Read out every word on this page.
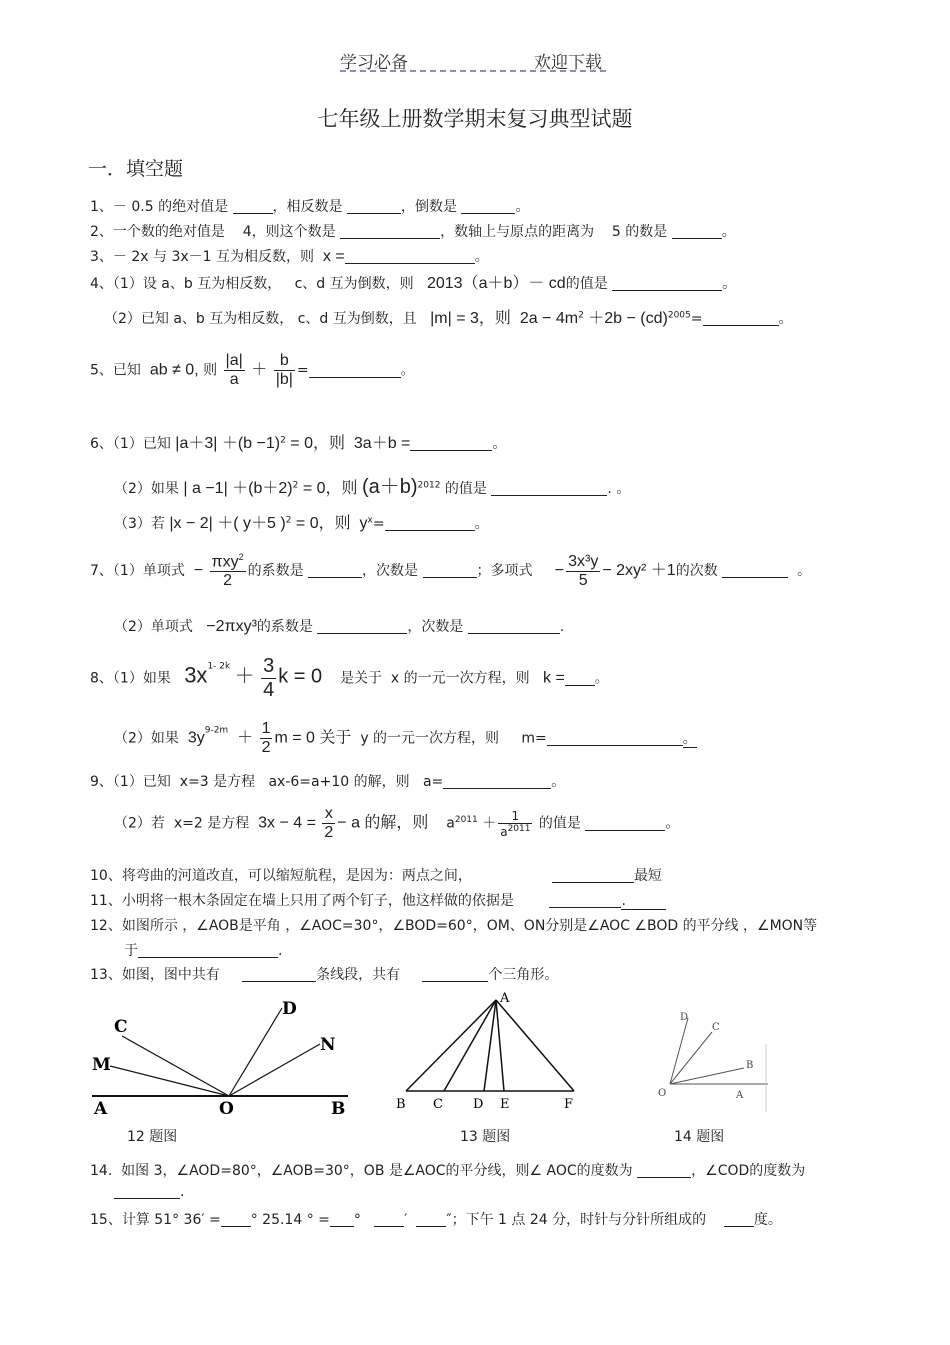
学习必备	欢迎下载
七年级上册数学期末复习典型试题
一．填空题
1、－ 0.5 的绝对值是	，相反数是	，倒数是	。
2、一个数的绝对值是 4，则这个数是	，数轴上与原点的距离为 5 的数是	。
3、－ 2x 与 3x－1 互为相反数，则 x =	。
4、（1）设 a、b 互为相反数， c、d 互为倒数，则 2013（a＋b）－ cd的值是	。
（2）已知 a、b 互为相反数， c、d 互为倒数，且 |m| = 3，则 $2a - 4m^2 +2b - (cd)^{2005}=$	。
5、已知 ab ≠ 0, 则 $\frac{|a|}{a} + \frac{b}{|b|}$ =	。
6、（1）已知 $|a+3| +(b -1)^2 = 0$，则 3a＋b =	。
（2）如果 | $a -1| +(b+2)^2 = 0$，则 $(a+b)^{2012}$ 的值是	. 。
（3）若 |x − 2| ＋( y＋5 )$^2$ = 0，则 $y^x=$	。
7、（1）单项式 − $\frac{\pi xy^2}{2}$ 的系数是	，次数是	；多项式 − $\frac{\text{3x³y}}{5} - 2xy^2 +1$的次数	。
（2）单项式 −2πxy³的系数是	，次数是	.
8、（1）如果 $3x^{1- 2k} + \frac{3}{4}$ k = 0 是关于 x 的一元一次方程，则 k = 。
（2）如果 $3y^{9-2m} + \frac{1}{2}$ m = 0 关于 y 的一元一次方程，则 m=	。
9、（1）已知 x=3 是方程 ax-6=a+10 的解，则 a=	。
（2）若 x=2 是方程 $3x - 4 = \frac{x}{2} - a$ 的解，则 $a^{2011} + \frac{1}{a^{2011}}$ 的值是	。
10、将弯曲的河道改直，可以缩短航程，是因为：两点之间，	最短
11、小明将一根木条固定在墙上只用了两个钉子，他这样做的依据是	.
12、如图所示 ，∠AOB是平角 ，∠AOC=30°，∠BOD=60°，OM、ON分别是∠AOC ∠BOD 的平分线 ，∠MON等
于	.
13、如图，图中共有	条线段，共有	个三角形。
C
D
M
N
A	O	B
12 题图
A
B C D E	F
13 题图
D
C
B
O	A
14 题图
14. 如图 3，∠AOD=80°，∠AOB=30°，OB 是∠AOC的平分线，则∠ AOC的度数为	，∠COD的度数为
.
15、计算 51° 36′ = ° 25.14 ° = °	′	″；下午 1 点 24 分，时针与分针所组成的	度。
